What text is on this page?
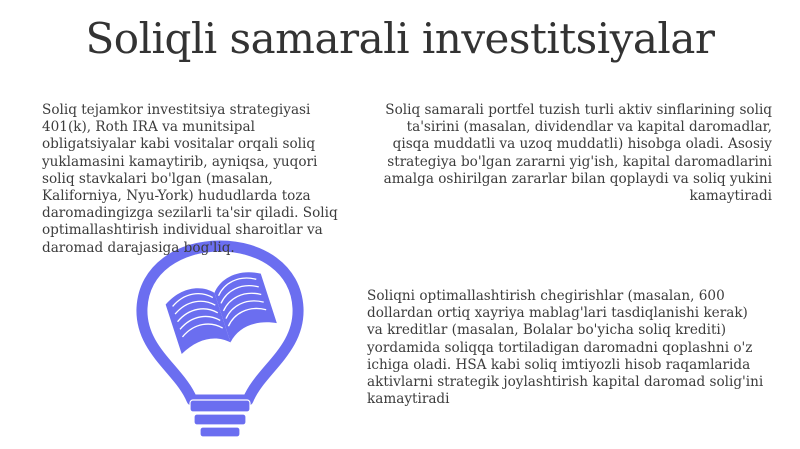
Soliqli samarali investitsiyalar
Soliq tejamkor investitsiya strategiyasi 401(k), Roth IRA va munitsipal obligatsiyalar kabi vositalar orqali soliq yuklamasini kamaytirib, ayniqsa, yuqori soliq stavkalari bo'lgan (masalan, Kaliforniya, Nyu-York) hududlarda toza daromadingizga sezilarli ta'sir qiladi. Soliq optimallashtirish individual sharoitlar va daromad darajasiga bog'liq.
Soliq samarali portfel tuzish turli aktiv sinflarining soliq ta'sirini (masalan, dividendlar va kapital daromadlar, qisqa muddatli va uzoq muddatli) hisobga oladi. Asosiy strategiya bo'lgan zararni yig'ish, kapital daromadlarini amalga oshirilgan zararlar bilan qoplaydi va soliq yukini kamaytiradi
Soliqni optimallashtirish chegirishlar (masalan, 600 dollardan ortiq xayriya mablag'lari tasdiqlanishi kerak) va kreditlar (masalan, Bolalar bo'yicha soliq krediti) yordamida soliqqa tortiladigan daromadni qoplashni o'z ichiga oladi. HSA kabi soliq imtiyozli hisob raqamlarida aktivlarni strategik joylashtirish kapital daromad solig'ini kamaytiradi
